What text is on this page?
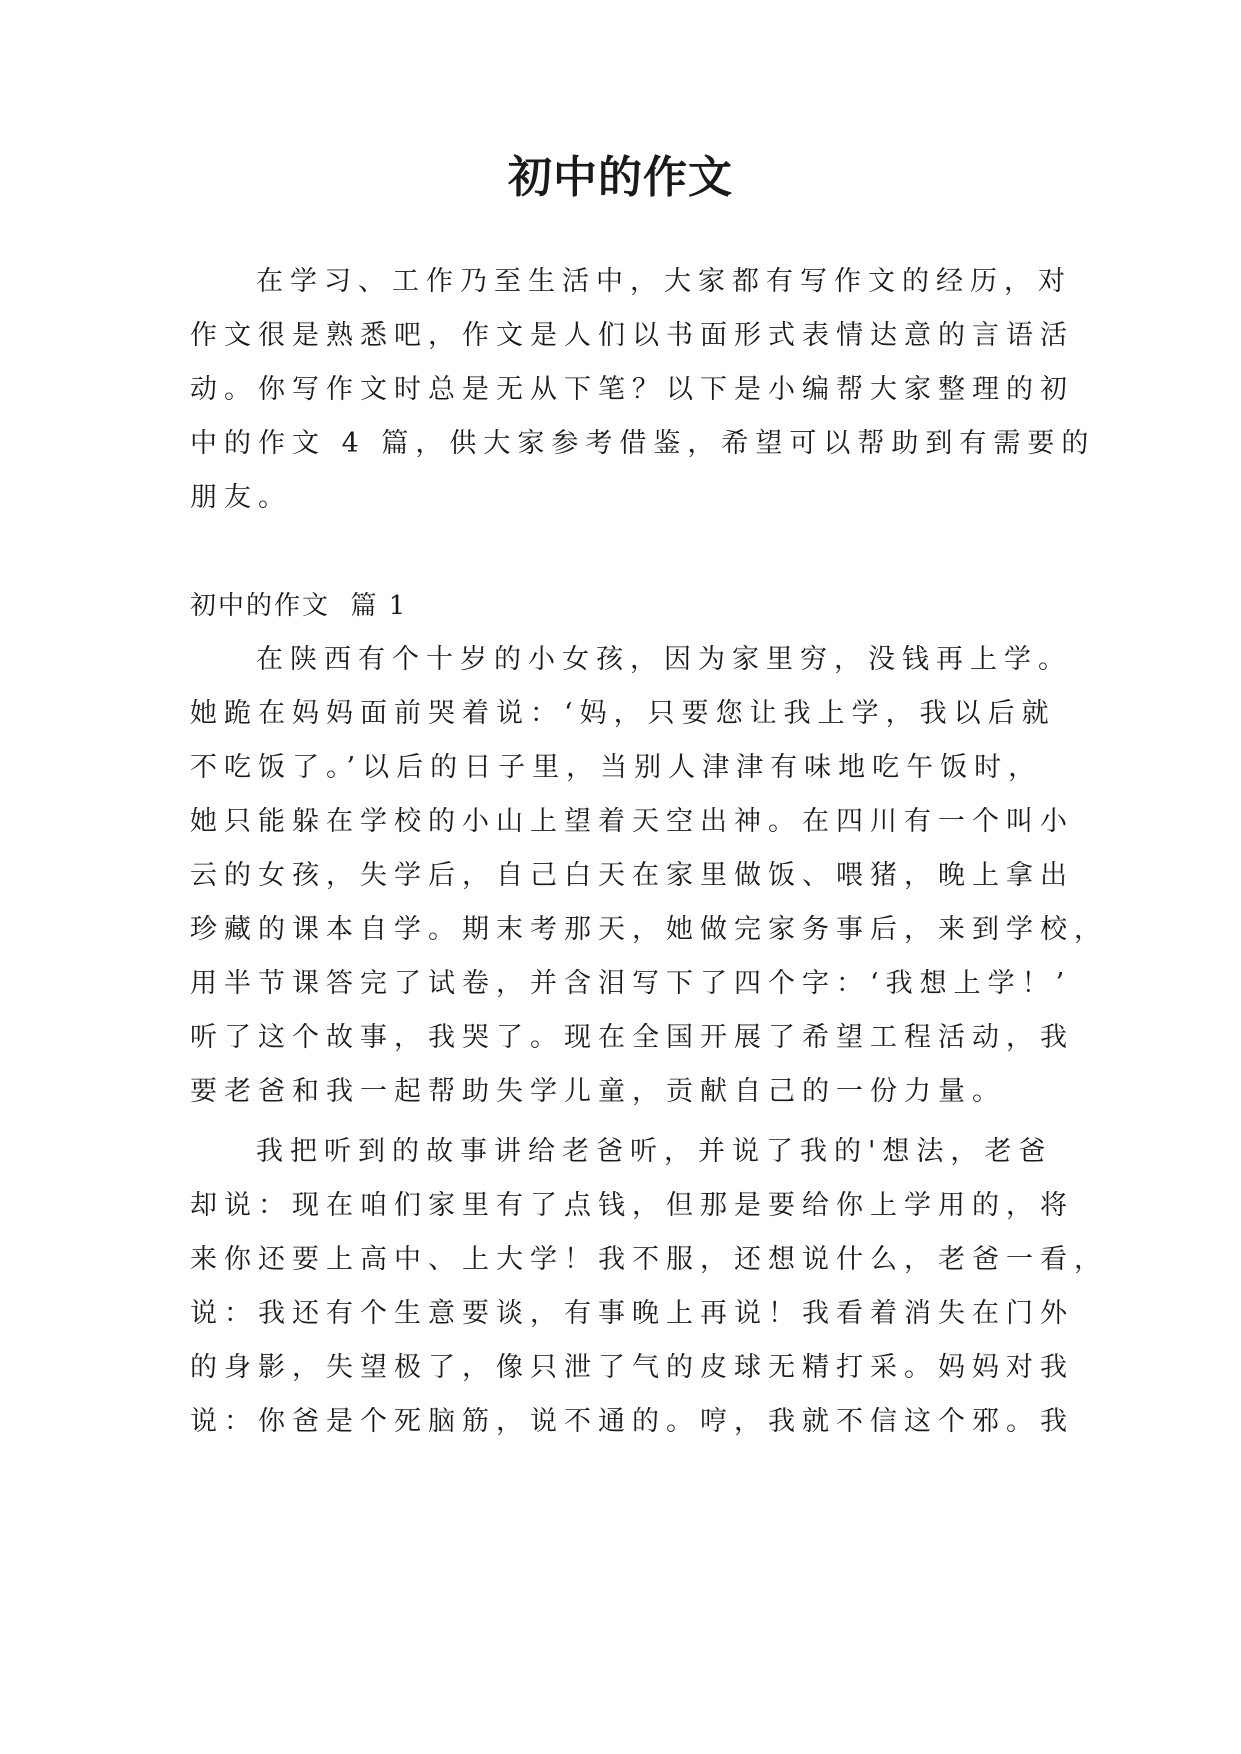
初中的作文
在学习、工作乃至生活中，大家都有写作文的经历，对
作文很是熟悉吧，作文是人们以书面形式表情达意的言语活
动。你写作文时总是无从下笔？以下是小编帮大家整理的初
中的作文 4 篇，供大家参考借鉴，希望可以帮助到有需要的
朋友。
初中的作文  篇 1
在陕西有个十岁的小女孩，因为家里穷，没钱再上学。
她跪在妈妈面前哭着说：‘妈，只要您让我上学，我以后就
不吃饭了。’以后的日子里，当别人津津有味地吃午饭时，
她只能躲在学校的小山上望着天空出神。在四川有一个叫小
云的女孩，失学后，自己白天在家里做饭、喂猪，晚上拿出
珍藏的课本自学。期末考那天，她做完家务事后，来到学校，
用半节课答完了试卷，并含泪写下了四个字：‘我想上学！’
听了这个故事，我哭了。现在全国开展了希望工程活动，我
要老爸和我一起帮助失学儿童，贡献自己的一份力量。
我把听到的故事讲给老爸听，并说了我的'想法，老爸
却说：现在咱们家里有了点钱，但那是要给你上学用的，将
来你还要上高中、上大学！我不服，还想说什么，老爸一看，
说：我还有个生意要谈，有事晚上再说！我看着消失在门外
的身影，失望极了，像只泄了气的皮球无精打采。妈妈对我
说：你爸是个死脑筋，说不通的。哼，我就不信这个邪。我
